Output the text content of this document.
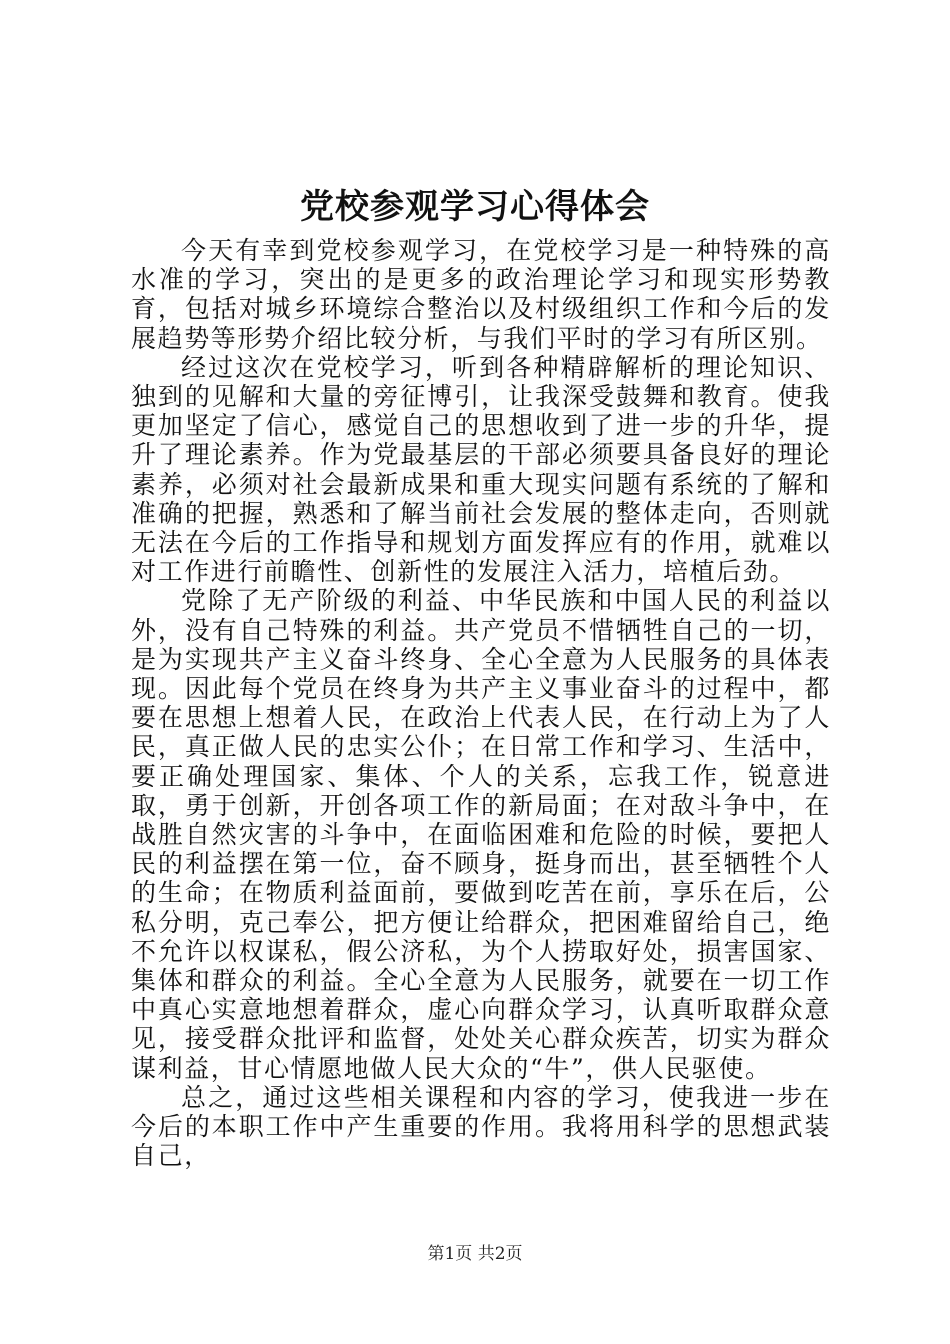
党校参观学习心得体会

今天有幸到党校参观学习，在党校学习是一种特殊的高水准的学习，突出的是更多的政治理论学习和现实形势教育，包括对城乡环境综合整治以及村级组织工作和今后的发展趋势等形势介绍比较分析，与我们平时的学习有所区别。

经过这次在党校学习，听到各种精辟解析的理论知识、独到的见解和大量的旁征博引，让我深受鼓舞和教育。使我更加坚定了信心，感觉自己的思想收到了进一步的升华，提升了理论素养。作为党最基层的干部必须要具备良好的理论素养，必须对社会最新成果和重大现实问题有系统的了解和准确的把握，熟悉和了解当前社会发展的整体走向，否则就无法在今后的工作指导和规划方面发挥应有的作用，就难以对工作进行前瞻性、创新性的发展注入活力，培植后劲。

党除了无产阶级的利益、中华民族和中国人民的利益以外，没有自己特殊的利益。共产党员不惜牺牲自己的一切，是为实现共产主义奋斗终身、全心全意为人民服务的具体表现。因此每个党员在终身为共产主义事业奋斗的过程中，都要在思想上想着人民，在政治上代表人民，在行动上为了人民，真正做人民的忠实公仆；在日常工作和学习、生活中，要正确处理国家、集体、个人的关系，忘我工作，锐意进取，勇于创新，开创各项工作的新局面；在对敌斗争中，在战胜自然灾害的斗争中，在面临困难和危险的时候，要把人民的利益摆在第一位，奋不顾身，挺身而出，甚至牺牲个人的生命；在物质利益面前，要做到吃苦在前，享乐在后，公私分明，克己奉公，把方便让给群众，把困难留给自己，绝不允许以权谋私，假公济私，为个人捞取好处，损害国家、集体和群众的利益。全心全意为人民服务，就要在一切工作中真心实意地想着群众，虚心向群众学习，认真听取群众意见，接受群众批评和监督，处处关心群众疾苦，切实为群众谋利益，甘心情愿地做人民大众的“牛”，供人民驱使。

总之，通过这些相关课程和内容的学习，使我进一步在今后的本职工作中产生重要的作用。我将用科学的思想武装自己，

第1页 共2页
